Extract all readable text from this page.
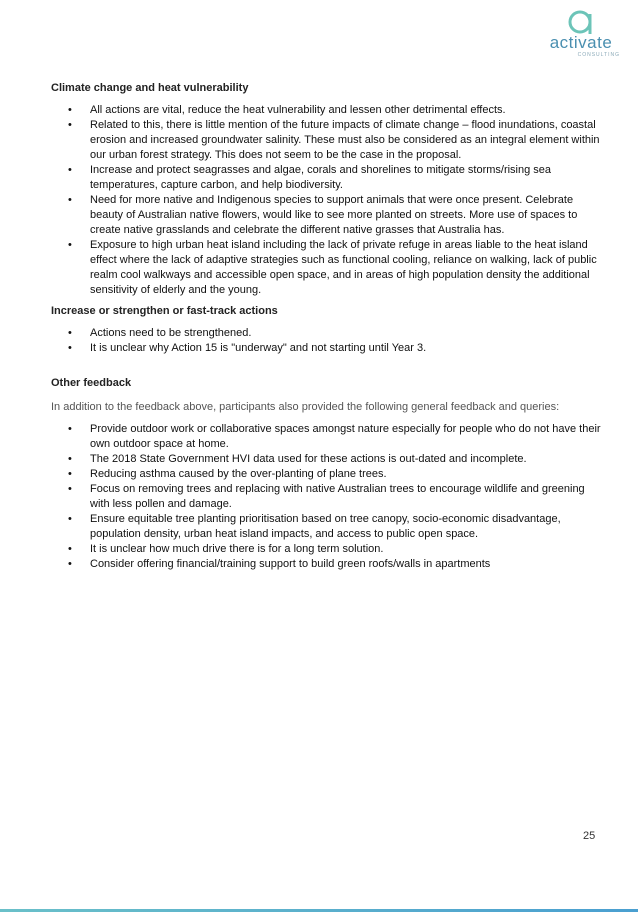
activate
CONSULTING
Climate change and heat vulnerability
• All actions are vital, reduce the heat vulnerability and lessen other detrimental effects.
• Related to this, there is little mention of the future impacts of climate change – flood inundations, coastal erosion and increased groundwater salinity. These must also be considered as an integral element within our urban forest strategy. This does not seem to be the case in the proposal.
• Increase and protect seagrasses and algae, corals and shorelines to mitigate storms/rising sea temperatures, capture carbon, and help biodiversity.
• Need for more native and Indigenous species to support animals that were once present. Celebrate beauty of Australian native flowers, would like to see more planted on streets. More use of spaces to create native grasslands and celebrate the different native grasses that Australia has.
• Exposure to high urban heat island including the lack of private refuge in areas liable to the heat island effect where the lack of adaptive strategies such as functional cooling, reliance on walking, lack of public realm cool walkways and accessible open space, and in areas of high population density the additional sensitivity of elderly and the young.
Increase or strengthen or fast-track actions
• Actions need to be strengthened.
• It is unclear why Action 15 is "underway" and not starting until Year 3.
Other feedback

In addition to the feedback above, participants also provided the following general feedback and queries:

• Provide outdoor work or collaborative spaces amongst nature especially for people who do not have their own outdoor space at home.
• The 2018 State Government HVI data used for these actions is out-dated and incomplete.
• Reducing asthma caused by the over-planting of plane trees.
• Focus on removing trees and replacing with native Australian trees to encourage wildlife and greening with less pollen and damage.
• Ensure equitable tree planting prioritisation based on tree canopy, socio-economic disadvantage, population density, urban heat island impacts, and access to public open space.
• It is unclear how much drive there is for a long term solution.
• Consider offering financial/training support to build green roofs/walls in apartments
25
